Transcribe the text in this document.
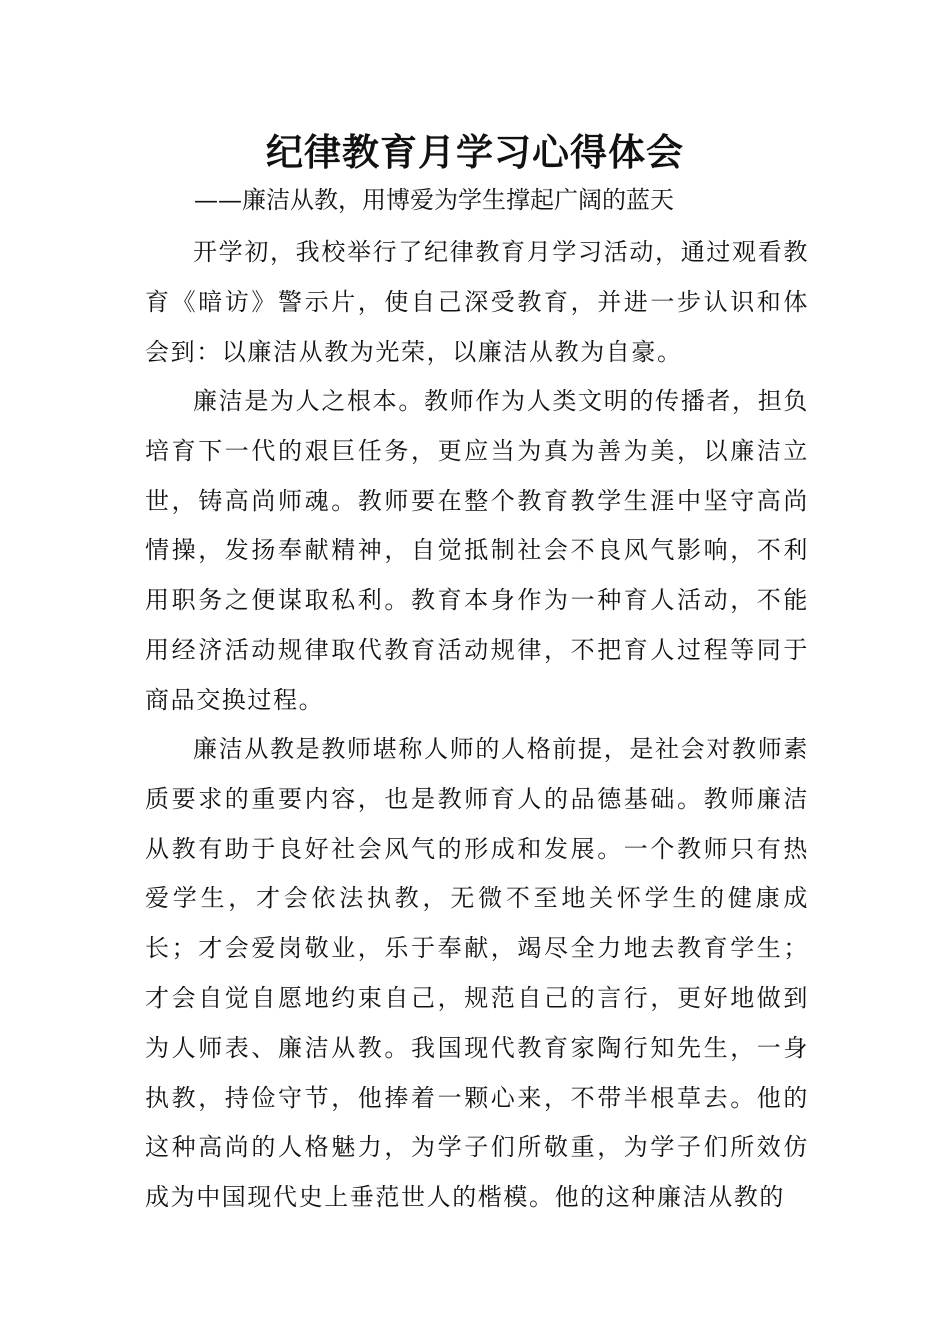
纪律教育月学习心得体会

——廉洁从教，用博爱为学生撑起广阔的蓝天

开学初，我校举行了纪律教育月学习活动，通过观看教育《暗访》警示片，使自己深受教育，并进一步认识和体会到：以廉洁从教为光荣，以廉洁从教为自豪。

廉洁是为人之根本。教师作为人类文明的传播者，担负培育下一代的艰巨任务，更应当为真为善为美，以廉洁立世，铸高尚师魂。教师要在整个教育教学生涯中坚守高尚情操，发扬奉献精神，自觉抵制社会不良风气影响，不利用职务之便谋取私利。教育本身作为一种育人活动，不能用经济活动规律取代教育活动规律，不把育人过程等同于商品交换过程。

廉洁从教是教师堪称人师的人格前提，是社会对教师素质要求的重要内容，也是教师育人的品德基础。教师廉洁从教有助于良好社会风气的形成和发展。一个教师只有热爱学生，才会依法执教，无微不至地关怀学生的健康成长；才会爱岗敬业，乐于奉献，竭尽全力地去教育学生；才会自觉自愿地约束自己，规范自己的言行，更好地做到为人师表、廉洁从教。我国现代教育家陶行知先生，一身执教，持俭守节，他捧着一颗心来，不带半根草去。他的这种高尚的人格魅力，为学子们所敬重，为学子们所效仿成为中国现代史上垂范世人的楷模。他的这种廉洁从教的
